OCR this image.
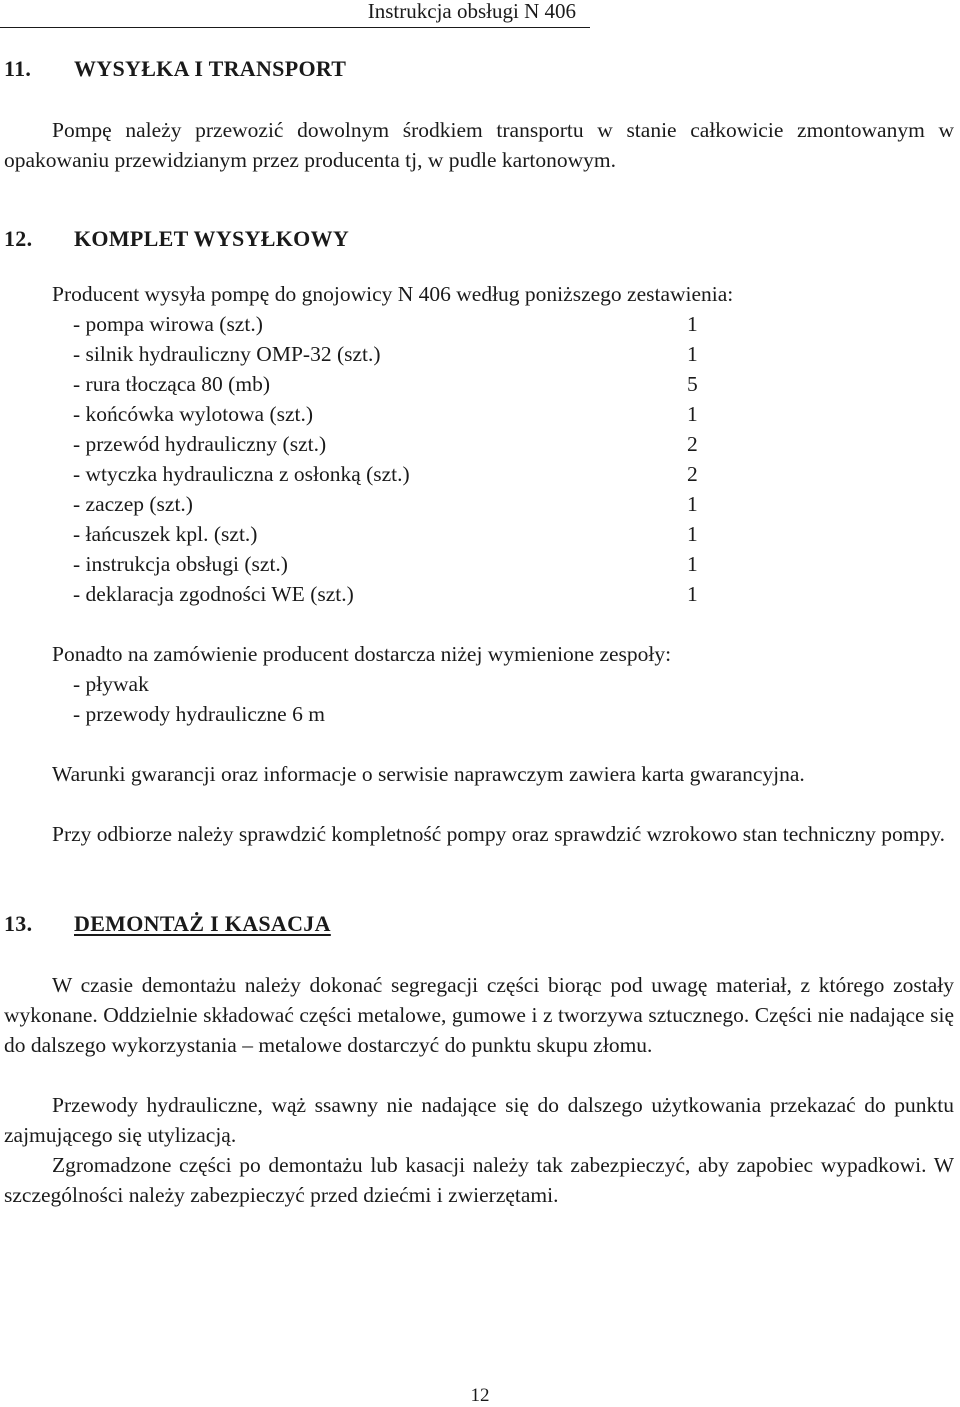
Instrukcja obsługi N 406
11. WYSYŁKA I TRANSPORT
Pompę należy przewozić dowolnym środkiem transportu w stanie całkowicie zmontowanym w opakowaniu przewidzianym przez producenta tj, w pudle kartonowym.
12. KOMPLET WYSYŁKOWY
Producent wysyła pompę do gnojowicy N 406 według poniższego zestawienia:
- pompa wirowa (szt.)	1
- silnik hydrauliczny OMP-32 (szt.)	1
- rura tłocząca 80 (mb)	5
- końcówka wylotowa (szt.)	1
- przewód hydrauliczny (szt.)	2
- wtyczka hydrauliczna z osłonką (szt.)	2
- zaczep (szt.)	1
- łańcuszek kpl. (szt.)	1
- instrukcja obsługi (szt.)	1
- deklaracja zgodności WE (szt.)	1
Ponadto na zamówienie producent dostarcza niżej wymienione zespoły:
- pływak
- przewody hydrauliczne 6 m
Warunki gwarancji oraz informacje o serwisie naprawczym zawiera karta gwarancyjna.
Przy odbiorze należy sprawdzić kompletność pompy oraz sprawdzić wzrokowo stan techniczny pompy.
13. DEMONTAŻ I KASACJA
W czasie demontażu należy dokonać segregacji części biorąc pod uwagę materiał, z którego zostały wykonane. Oddzielnie składować części metalowe, gumowe i z tworzywa sztucznego. Części nie nadające się do dalszego wykorzystania – metalowe dostarczyć do punktu skupu złomu.
Przewody hydrauliczne, wąż ssawny nie nadające się do dalszego użytkowania przekazać do punktu zajmującego się utylizacją.
Zgromadzone części po demontażu lub kasacji należy tak zabezpieczyć, aby zapobiec wypadkowi. W szczególności należy zabezpieczyć przed dziećmi i zwierzętami.
12
